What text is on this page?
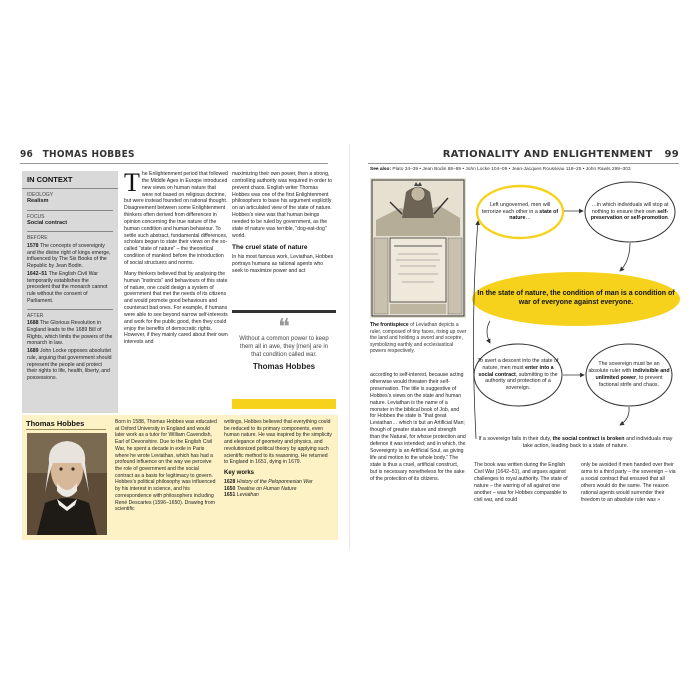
96 THOMAS HOBBES	RATIONALITY AND ENLIGHTENMENT 99
IN CONTEXT
IDEOLOGY
Realism
FOCUS
Social contract
BEFORE
1578 The concepts of sovereignty and the divine right of kings emerge, influenced by The Six Books of the Republic by Jean Bodin.
1642–51 The English Civil War temporarily establishes the precedent that the monarch cannot rule without the consent of Parliament.
AFTER
1688 The Glorious Revolution in England leads to the 1689 Bill of Rights, which limits the powers of the monarch in law.
1689 John Locke opposes absolutist rule, arguing that government should represent the people and protect their rights to life, health, liberty, and possessions.

The Enlightenment period that followed the Middle Ages in Europe introduced new views on human nature that were not based on religious doctrine, but were instead founded on rational thought. Disagreement between some Enlightenment thinkers often derived from differences in opinion concerning the true nature of the human condition and human behaviour. To settle such abstract, fundamental differences, scholars began to state their views on the so-called “state of nature” – the theoretical condition of mankind before the introduction of social structures and norms.

Many thinkers believed that by analysing the human “instincts” and behaviours of this state of nature, one could design a system of government that met the needs of its citizens and would promote good behaviours and counteract bad ones. For example, if humans were able to see beyond narrow self-interests and work for the public good, then they could enjoy the benefits of democratic rights. However, if they mainly cared about their own interests and

maximizing their own power, then a strong, controlling authority was required in order to prevent chaos. English writer Thomas Hobbes was one of the first Enlightenment philosophers to base his argument explicitly on an articulated view of the state of nature. Hobbes’s view was that human beings needed to be ruled by government, as the state of nature was terrible, “dog-eat-dog” world.

The cruel state of nature

In his most famous work, Leviathan, Hobbes portrays humans as rational agents who seek to maximize power and act

❝
Without a common power to keep them all in awe, they [men] are in that condition called war.
Thomas Hobbes
Thomas Hobbes	Born in 1588, Thomas Hobbes was educated at Oxford University in England and would later work as a tutor for William Cavendish, Earl of Devonshire. Due to the English Civil War, he spent a decade in exile in Paris where he wrote Leviathan, which has had a profound influence on the way we perceive the role of government and the social contract as a basis for legitimacy to govern. Hobbes’s political philosophy was influenced by his interest in science, and his correspondence with philosophers including René Descartes (1596–1650). Drawing from scientific
writings, Hobbes believed that everything could be reduced to its primary components, even human nature. He was inspired by the simplicity and elegance of geometry and physics, and revolutionized political theory by applying such scientific method to its reasoning. He returned to England in 1651, dying in 1679.
Key works
1628 History of the Peloponnesian War
1650 Treatise on Human Nature
1651 Leviathan
See also: Plato 34–39 • Jean Bodin 88–89 • John Locke 104–09 • Jean-Jacques Rousseau 118–25 • John Rawls 298–303
The frontispiece of Leviathan depicts a ruler, composed of tiny faces, rising up over the land and holding a sword and sceptre, symbolizing earthly and ecclesiastical powers respectively.
according to self-interest, because acting otherwise would threaten their self-preservation. The title is suggestive of Hobbes’s views on the state and human nature. Leviathan is the name of a monster in the biblical book of Job, and for Hobbes the state is “that great Leviathan… which is but an Artificial Man; though of greater stature and strength than the Natural, for whose protection and defence it was intended; and in which, the Sovereignty is an Artificial Soul, as giving life and motion to the whole body.” The state is thus a cruel, artificial construct, but is necessary nonetheless for the sake of the protection of its citizens.
The book was written during the English Civil War (1642–51), and argues against challenges to royal authority. The state of nature – the warring of all against one another – was for Hobbes comparable to civil war, and could
only be avoided if men handed over their arms to a third party – the sovereign – via a social contract that ensured that all others would do the same. The reason rational agents would surrender their freedom to an absolute ruler was »
Left ungoverned, men will terrorize each other in a state of nature…
…in which individuals will stop at nothing to ensure their own self-preservation or self-promotion.
In the state of nature, the condition of man is a condition of war of everyone against everyone.
To avert a descent into the state of nature, men must enter into a social contract, submitting to the authority and protection of a sovereign.
The sovereign must be an absolute ruler with indivisible and unlimited power, to prevent factional strife and chaos.
If a sovereign fails in their duty, the social contract is broken and individuals may take action, leading back to a state of nature.
